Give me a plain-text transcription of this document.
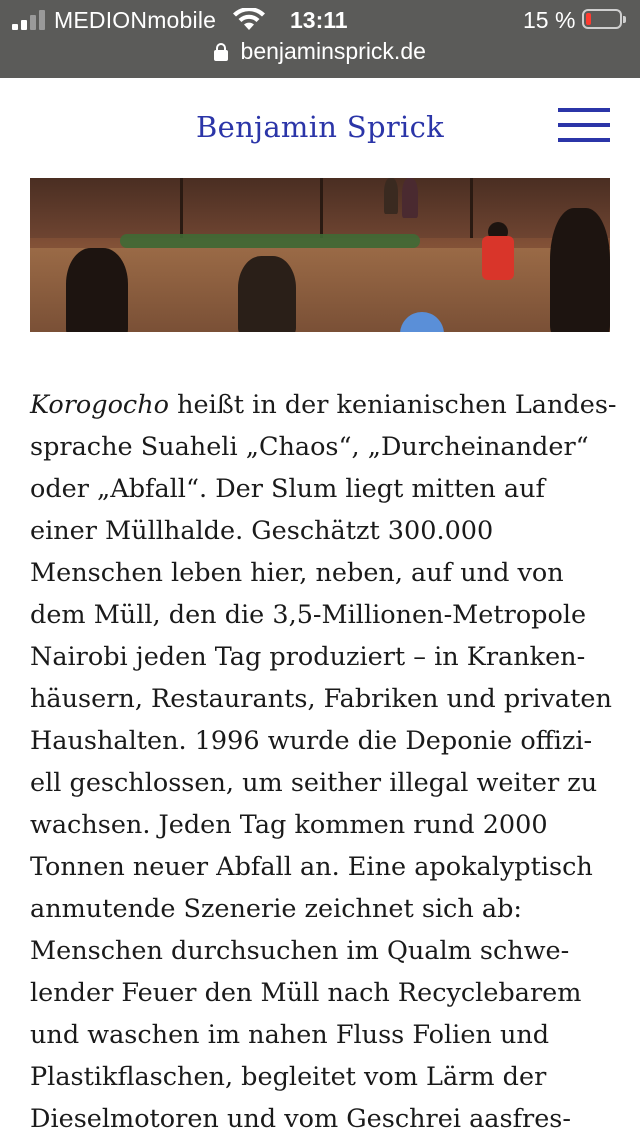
MEDIONmobile	13:11	15 %
benjaminsprick.de
Benjamin Sprick

Korogocho heißt in der kenianischen Landes-
sprache Suaheli „Chaos“, „Durcheinander“
oder „Abfall“. Der Slum liegt mitten auf
einer Müllhalde. Geschätzt 300.000
Menschen leben hier, neben, auf und von
dem Müll, den die 3,5-Millionen-Metropole
Nairobi jeden Tag produziert – in Kranken-
häusern, Restaurants, Fabriken und privaten
Haushalten. 1996 wurde die Deponie offizi-
ell geschlossen, um seither illegal weiter zu
wachsen. Jeden Tag kommen rund 2000
Tonnen neuer Abfall an. Eine apokalyptisch
anmutende Szenerie zeichnet sich ab:
Menschen durchsuchen im Qualm schwe-
lender Feuer den Müll nach Recyclebarem
und waschen im nahen Fluss Folien und
Plastikflaschen, begleitet vom Lärm der
Dieselmotoren und vom Geschrei aasfres-
